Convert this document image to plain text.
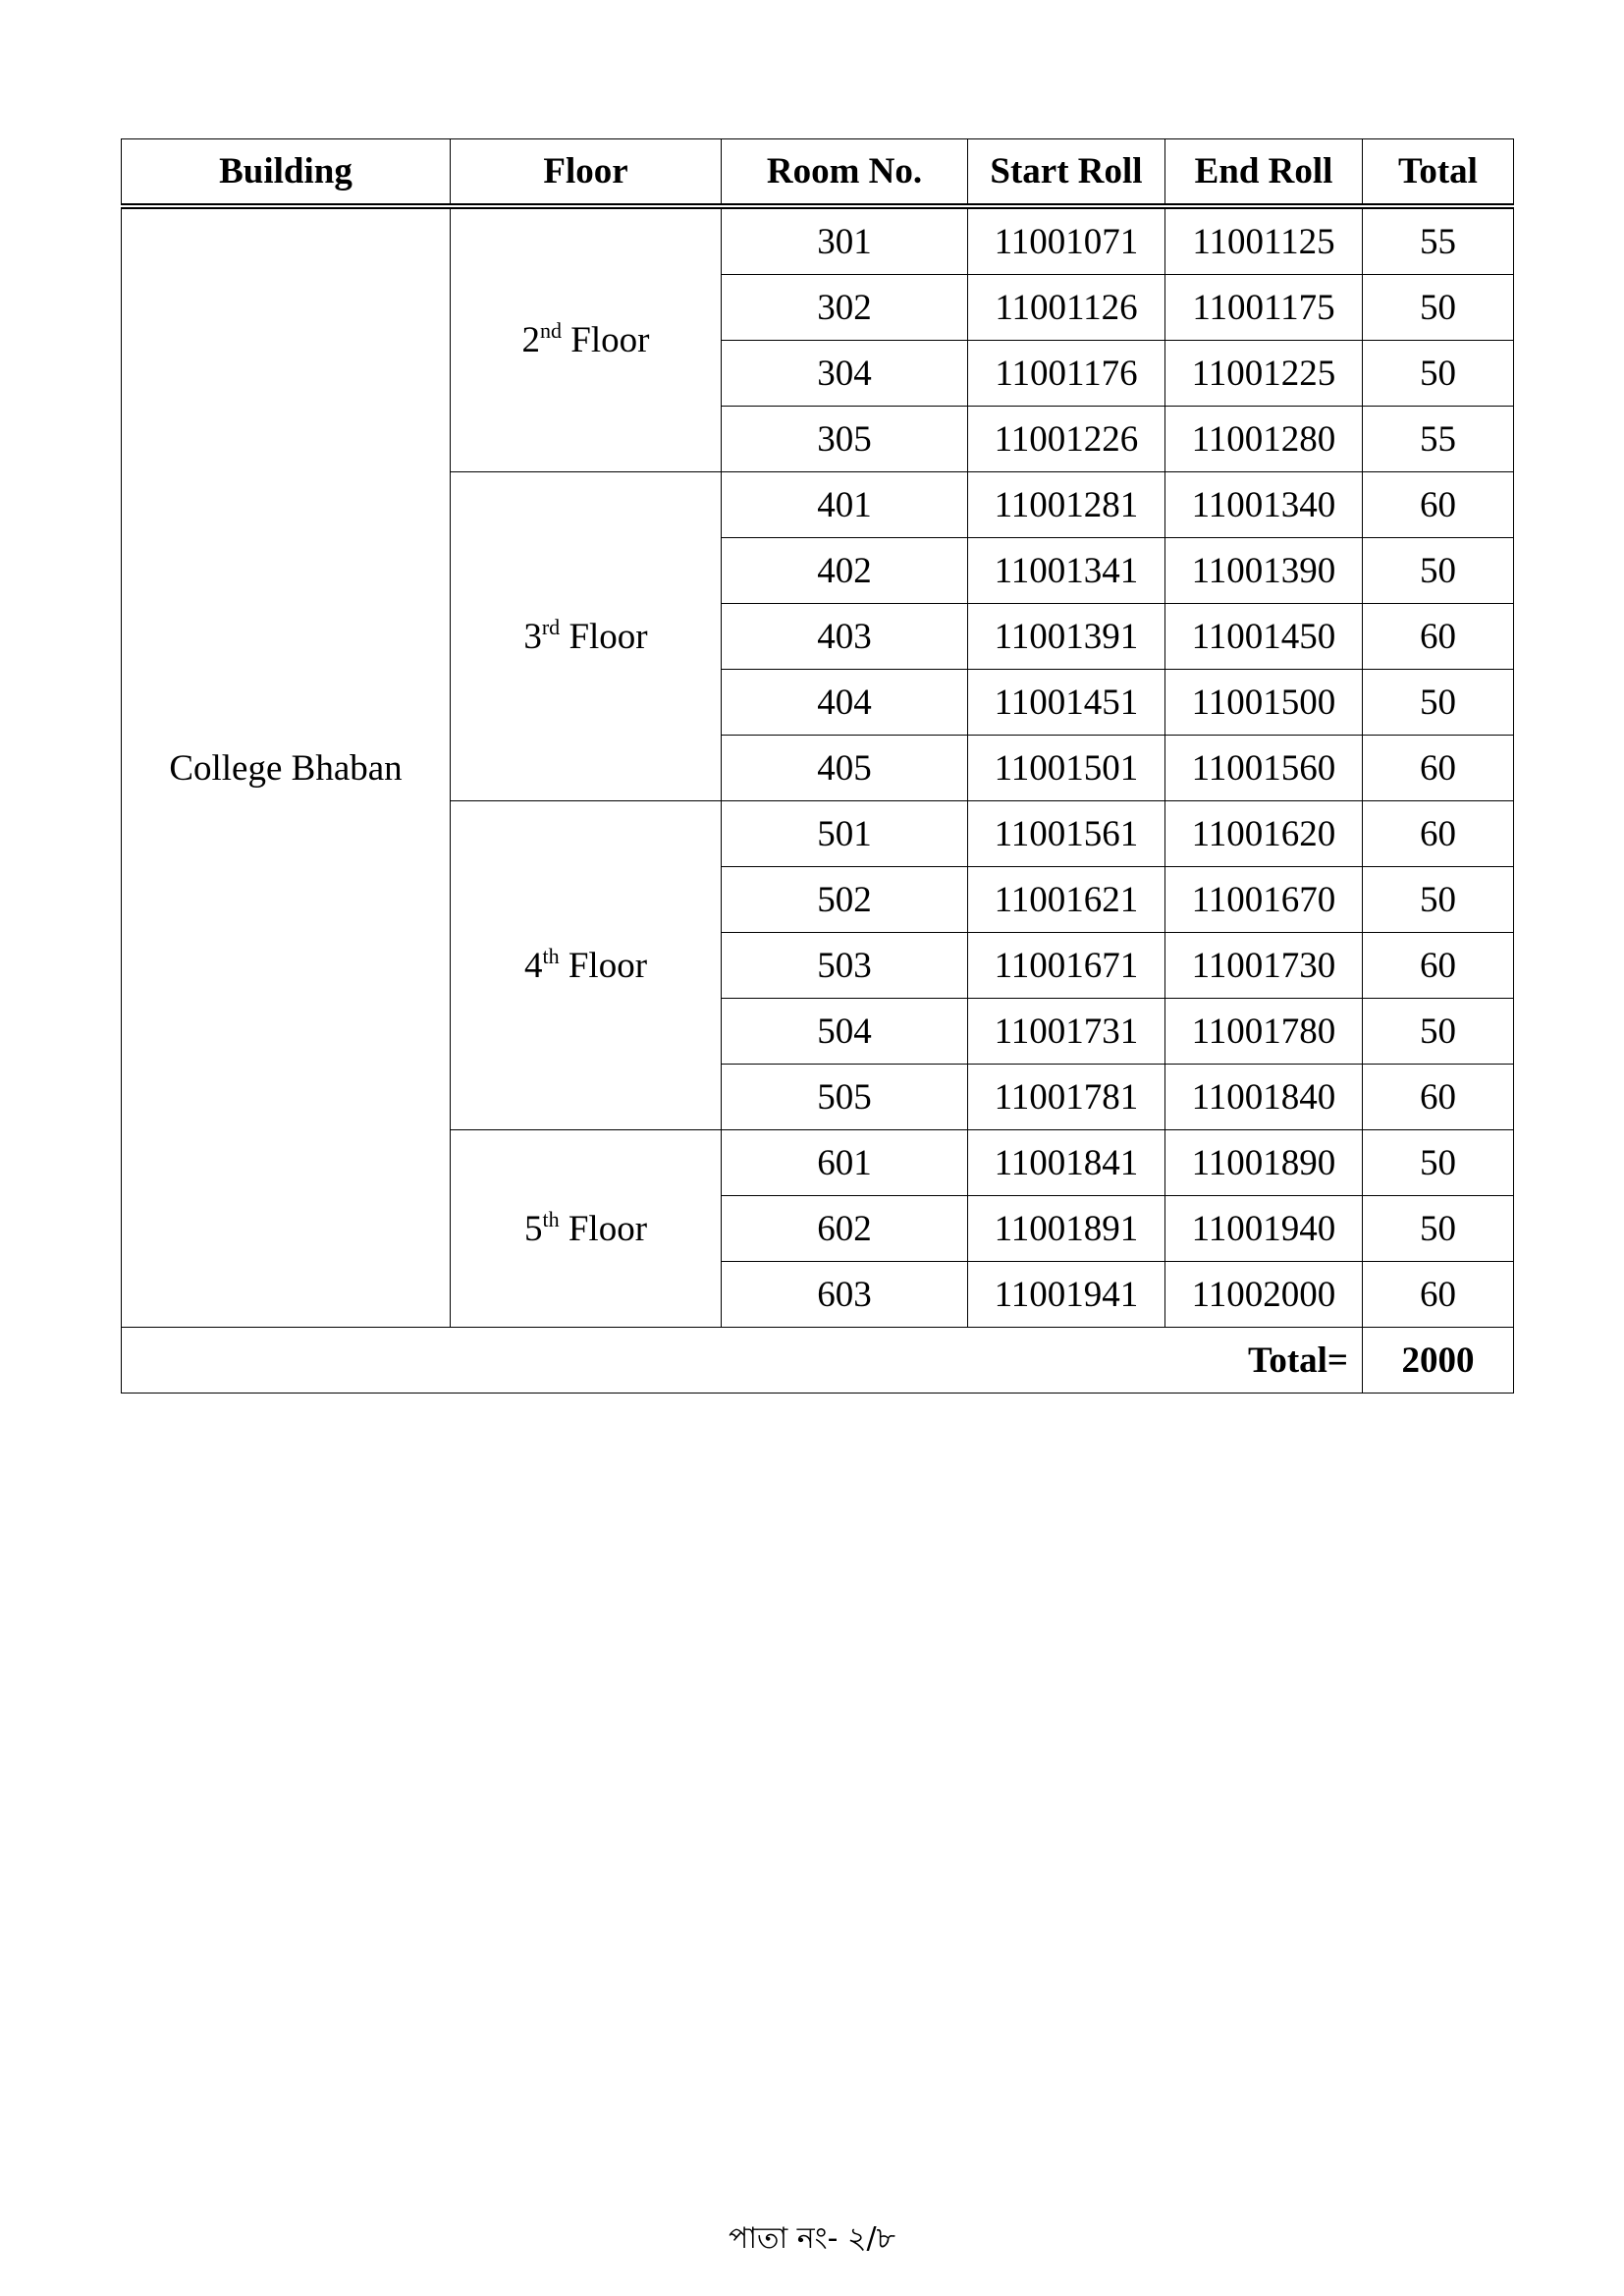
Building	Floor	Room No.	Start Roll	End Roll	Total
College Bhaban	2nd Floor	301	11001071	11001125	55
		302	11001126	11001175	50
		304	11001176	11001225	50
		305	11001226	11001280	55
	3rd Floor	401	11001281	11001340	60
		402	11001341	11001390	50
		403	11001391	11001450	60
		404	11001451	11001500	50
		405	11001501	11001560	60
	4th Floor	501	11001561	11001620	60
		502	11001621	11001670	50
		503	11001671	11001730	60
		504	11001731	11001780	50
		505	11001781	11001840	60
	5th Floor	601	11001841	11001890	50
		602	11001891	11001940	50
		603	11001941	11002000	60
Total=					2000
পাতা নং- ২/৮
